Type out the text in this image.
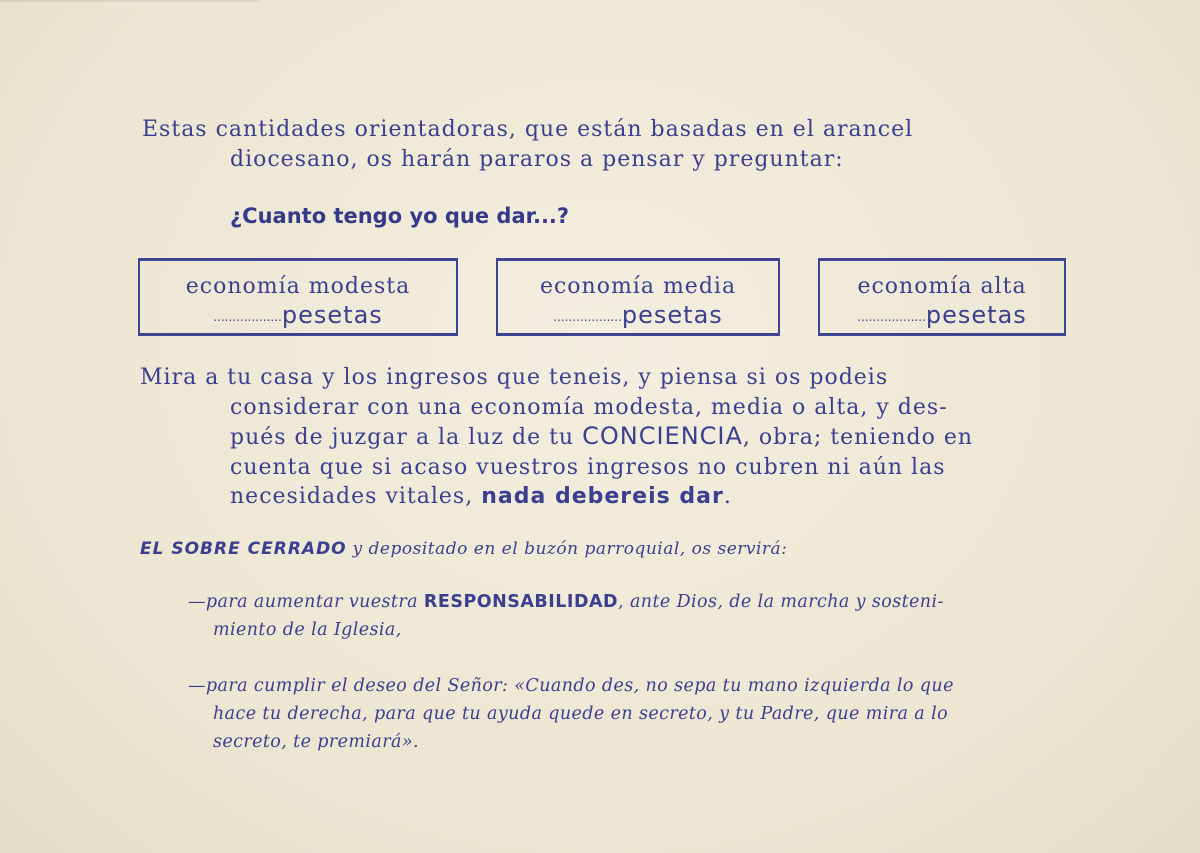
Estas cantidades orientadoras, que están basadas en el arancel
diocesano, os harán pararos a pensar y preguntar:
¿Cuanto tengo yo que dar...?
economía modesta
..................pesetas
economía media
..................pesetas
economía alta
..................pesetas
Mira a tu casa y los ingresos que teneis, y piensa si os podeis
considerar con una economía modesta, media o alta, y des-
pués de juzgar a la luz de tu CONCIENCIA, obra; teniendo en
cuenta que si acaso vuestros ingresos no cubren ni aún las
necesidades vitales, nada debereis dar.
EL SOBRE CERRADO y depositado en el buzón parroquial, os servirá:
—para aumentar vuestra RESPONSABILIDAD, ante Dios, de la marcha y sosteni-
miento de la Iglesia,
—para cumplir el deseo del Señor: «Cuando des, no sepa tu mano izquierda lo que
hace tu derecha, para que tu ayuda quede en secreto, y tu Padre, que mira a lo
secreto, te premiará».
